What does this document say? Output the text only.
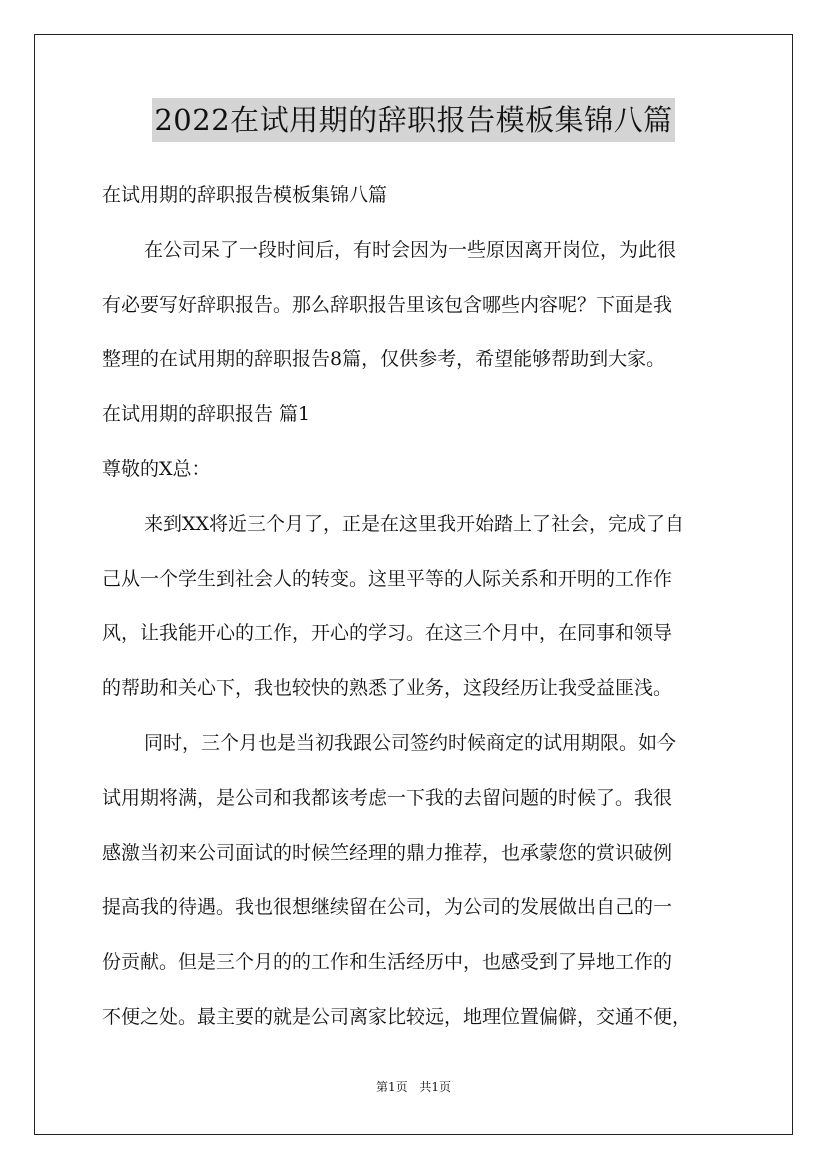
2022在试用期的辞职报告模板集锦八篇
在试用期的辞职报告模板集锦八篇
在公司呆了一段时间后，有时会因为一些原因离开岗位，为此很
有必要写好辞职报告。那么辞职报告里该包含哪些内容呢？下面是我
整理的在试用期的辞职报告8篇，仅供参考，希望能够帮助到大家。
在试用期的辞职报告 篇1
尊敬的X总：
来到XX将近三个月了，正是在这里我开始踏上了社会，完成了自
己从一个学生到社会人的转变。这里平等的人际关系和开明的工作作
风，让我能开心的工作，开心的学习。在这三个月中，在同事和领导
的帮助和关心下，我也较快的熟悉了业务，这段经历让我受益匪浅。
同时，三个月也是当初我跟公司签约时候商定的试用期限。如今
试用期将满，是公司和我都该考虑一下我的去留问题的时候了。我很
感激当初来公司面试的时候竺经理的鼎力推荐，也承蒙您的赏识破例
提高我的待遇。我也很想继续留在公司，为公司的发展做出自己的一
份贡献。但是三个月的的工作和生活经历中，也感受到了异地工作的
不便之处。最主要的就是公司离家比较远，地理位置偏僻，交通不便，
第1页 共1页
